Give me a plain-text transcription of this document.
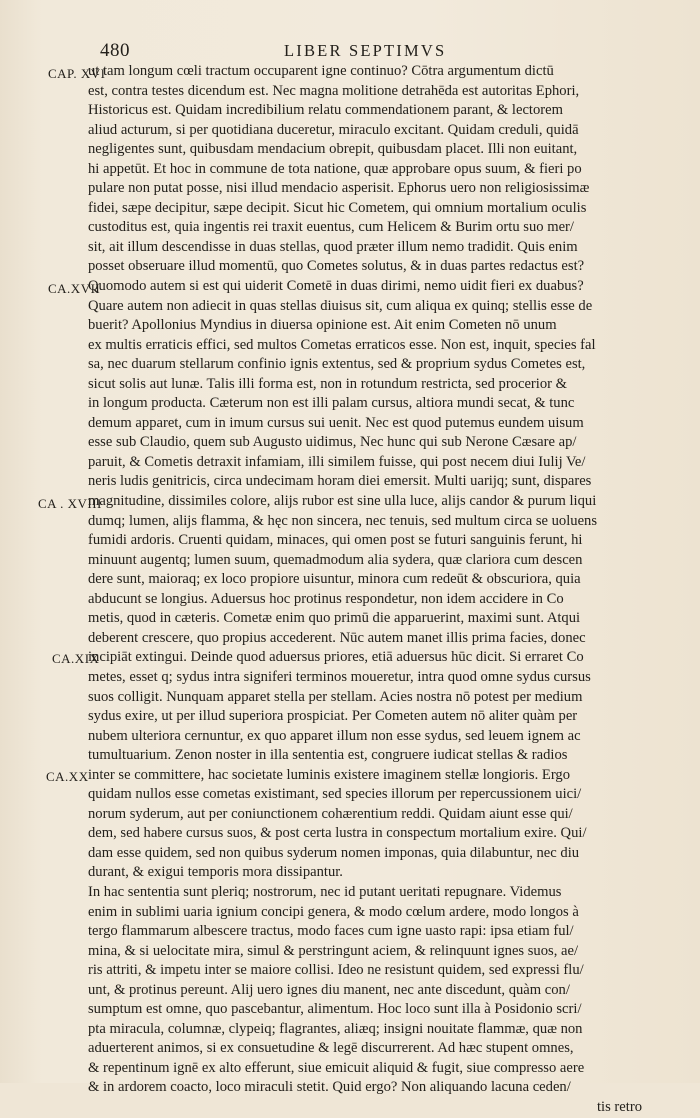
480	LIBER SEPTIMVS
CAP. XVI
CA.XVII
CA . XVIII
CA.XIX
CA.XX
ut tam longum cœli tractum occuparent igne continuo? Cōtra argumentum dictū
est, contra testes dicendum est. Nec magna molitione detrahēda est autoritas Ephori,
Historicus est. Quidam incredibilium relatu commendationem parant, & lectorem
aliud acturum, si per quotidiana duceretur, miraculo excitant. Quidam creduli, quidā
negligentes sunt, quibusdam mendacium obrepit, quibusdam placet. Illi non euitant,
hi appetūt. Et hoc in commune de tota natione, quæ approbare opus suum, & fieri po
pulare non putat posse, nisi illud mendacio asperisit. Ephorus uero non religiosissimæ
fidei, sæpe decipitur, sæpe decipit. Sicut hic Cometem, qui omnium mortalium oculis
custoditus est, quia ingentis rei traxit euentus, cum Helicem & Burim ortu suo mer/
sit, ait illum descendisse in duas stellas, quod præter illum nemo tradidit. Quis enim
posset obseruare illud momentū, quo Cometes solutus, & in duas partes redactus est?
Quomodo autem si est qui uiderit Cometē in duas dirimi, nemo uidit fieri ex duabus?
Quare autem non adiecit in quas stellas diuisus sit, cum aliqua ex quinq; stellis esse de
buerit? Apollonius Myndius in diuersa opinione est. Ait enim Cometen nō unum
ex multis erraticis effici, sed multos Cometas erraticos esse. Non est, inquit, species fal
sa, nec duarum stellarum confinio ignis extentus, sed & proprium sydus Cometes est,
sicut solis aut lunæ. Talis illi forma est, non in rotundum restricta, sed procerior &
in longum producta. Cæterum non est illi palam cursus, altiora mundi secat, & tunc
demum apparet, cum in imum cursus sui uenit. Nec est quod putemus eundem uisum
esse sub Claudio, quem sub Augusto uidimus, Nec hunc qui sub Nerone Cæsare ap/
paruit, & Cometis detraxit infamiam, illi similem fuisse, qui post necem diui Iulij Ve/
neris ludis genitricis, circa undecimam horam diei emersit. Multi uarijq; sunt, dispares
magnitudine, dissimiles colore, alijs rubor est sine ulla luce, alijs candor & purum liqui
dumq; lumen, alijs flamma, & hęc non sincera, nec tenuis, sed multum circa se uoluens
fumidi ardoris. Cruenti quidam, minaces, qui omen post se futuri sanguinis ferunt, hi
minuunt augentq; lumen suum, quemadmodum alia sydera, quæ clariora cum descen
dere sunt, maioraq; ex loco propiore uisuntur, minora cum redeūt & obscuriora, quia
abducunt se longius. Aduersus hoc protinus respondetur, non idem accidere in Co
metis, quod in cæteris. Cometæ enim quo primū die apparuerint, maximi sunt. Atqui
deberent crescere, quo propius accederent. Nūc autem manet illis prima facies, donec
incipiāt extingui. Deinde quod aduersus priores, etiā aduersus hūc dicit. Si erraret Co
metes, esset q; sydus intra signiferi terminos moueretur, intra quod omne sydus cursus
suos colligit. Nunquam apparet stella per stellam. Acies nostra nō potest per medium
sydus exire, ut per illud superiora prospiciat. Per Cometen autem nō aliter quàm per
nubem ulteriora cernuntur, ex quo apparet illum non esse sydus, sed leuem ignem ac
tumultuarium. Zenon noster in illa sententia est, congruere iudicat stellas & radios
inter se committere, hac societate luminis existere imaginem stellæ longioris. Ergo
quidam nullos esse cometas existimant, sed species illorum per repercussionem uici/
norum syderum, aut per coniunctionem cohærentium reddi. Quidam aiunt esse qui/
dem, sed habere cursus suos, & post certa lustra in conspectum mortalium exire. Qui/
dam esse quidem, sed non quibus syderum nomen imponas, quia dilabuntur, nec diu
durant, & exigui temporis mora dissipantur.
In hac sententia sunt pleriq; nostrorum, nec id putant ueritati repugnare. Videmus
enim in sublimi uaria ignium concipi genera, & modo cœlum ardere, modo longos à
tergo flammarum albescere tractus, modo faces cum igne uasto rapi: ipsa etiam ful/
mina, & si uelocitate mira, simul & perstringunt aciem, & relinquunt ignes suos, ae/
ris attriti, & impetu inter se maiore collisi. Ideo ne resistunt quidem, sed expressi flu/
unt, & protinus pereunt. Alij uero ignes diu manent, nec ante discedunt, quàm con/
sumptum est omne, quo pascebantur, alimentum. Hoc loco sunt illa à Posidonio scri/
pta miracula, columnæ, clypeiq; flagrantes, aliæq; insigni nouitate flammæ, quæ non
aduerterent animos, si ex consuetudine & legē discurrerent. Ad hæc stupent omnes,
& repentinum ignē ex alto efferunt, siue emicuit aliquid & fugit, siue compresso aere
& in ardorem coacto, loco miraculi stetit. Quid ergo? Non aliquando lacuna ceden/
tis retro
